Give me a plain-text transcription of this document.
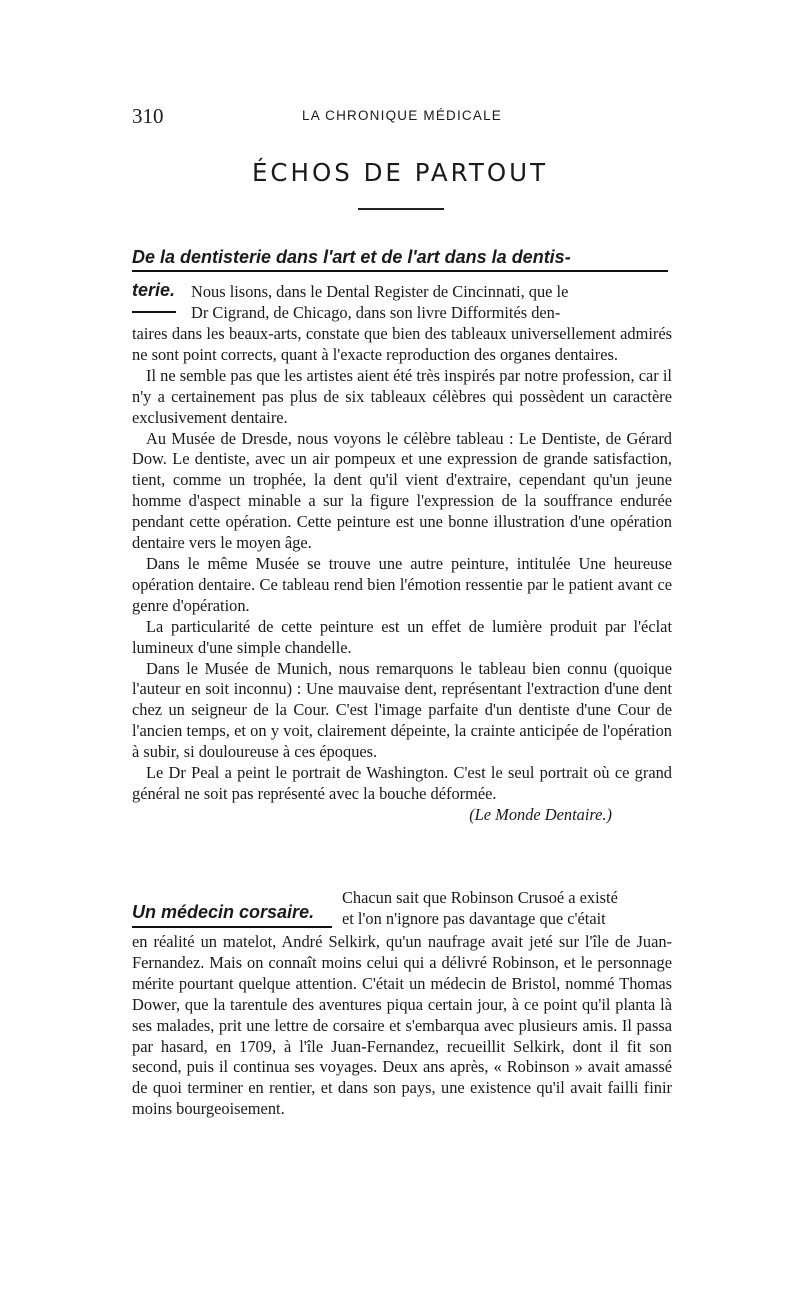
310	LA CHRONIQUE MÉDICALE
ÉCHOS DE PARTOUT
De la dentisterie dans l'art et de l'art dans la dentis-
terie. Nous lisons, dans le Dental Register de Cincinnati, que le
Dr Cigrand, de Chicago, dans son livre Difformités den-

taires dans les beaux-arts, constate que bien des tableaux universellement admirés ne sont point corrects, quant à l'exacte reproduction des organes dentaires.

Il ne semble pas que les artistes aient été très inspirés par notre profession, car il n'y a certainement pas plus de six tableaux célèbres qui possèdent un caractère exclusivement dentaire.

Au Musée de Dresde, nous voyons le célèbre tableau : Le Dentiste, de Gérard Dow. Le dentiste, avec un air pompeux et une expression de grande satisfaction, tient, comme un trophée, la dent qu'il vient d'extraire, cependant qu'un jeune homme d'aspect minable a sur la figure l'expression de la souffrance endurée pendant cette opération. Cette peinture est une bonne illustration d'une opération dentaire vers le moyen âge.

Dans le même Musée se trouve une autre peinture, intitulée Une heureuse opération dentaire. Ce tableau rend bien l'émotion ressentie par le patient avant ce genre d'opération.

La particularité de cette peinture est un effet de lumière produit par l'éclat lumineux d'une simple chandelle.

Dans le Musée de Munich, nous remarquons le tableau bien connu (quoique l'auteur en soit inconnu) : Une mauvaise dent, représentant l'extraction d'une dent chez un seigneur de la Cour. C'est l'image parfaite d'un dentiste d'une Cour de l'ancien temps, et on y voit, clairement dépeinte, la crainte anticipée de l'opération à subir, si douloureuse à ces époques.

Le Dr Peal a peint le portrait de Washington. C'est le seul portrait où ce grand général ne soit pas représenté avec la bouche déformée.

(Le Monde Dentaire.)

Un médecin corsaire.
Chacun sait que Robinson Crusoé a existé
et l'on n'ignore pas davantage que c'était

en réalité un matelot, André Selkirk, qu'un naufrage avait jeté sur l'île de Juan-Fernandez. Mais on connaît moins celui qui a délivré Robinson, et le personnage mérite pourtant quelque attention. C'était un médecin de Bristol, nommé Thomas Dower, que la tarentule des aventures piqua certain jour, à ce point qu'il planta là ses malades, prit une lettre de corsaire et s'embarqua avec plusieurs amis. Il passa par hasard, en 1709, à l'île Juan-Fernandez, recueillit Selkirk, dont il fit son second, puis il continua ses voyages. Deux ans après, « Robinson » avait amassé de quoi terminer en rentier, et dans son pays, une existence qu'il avait failli finir moins bourgeoisement.
